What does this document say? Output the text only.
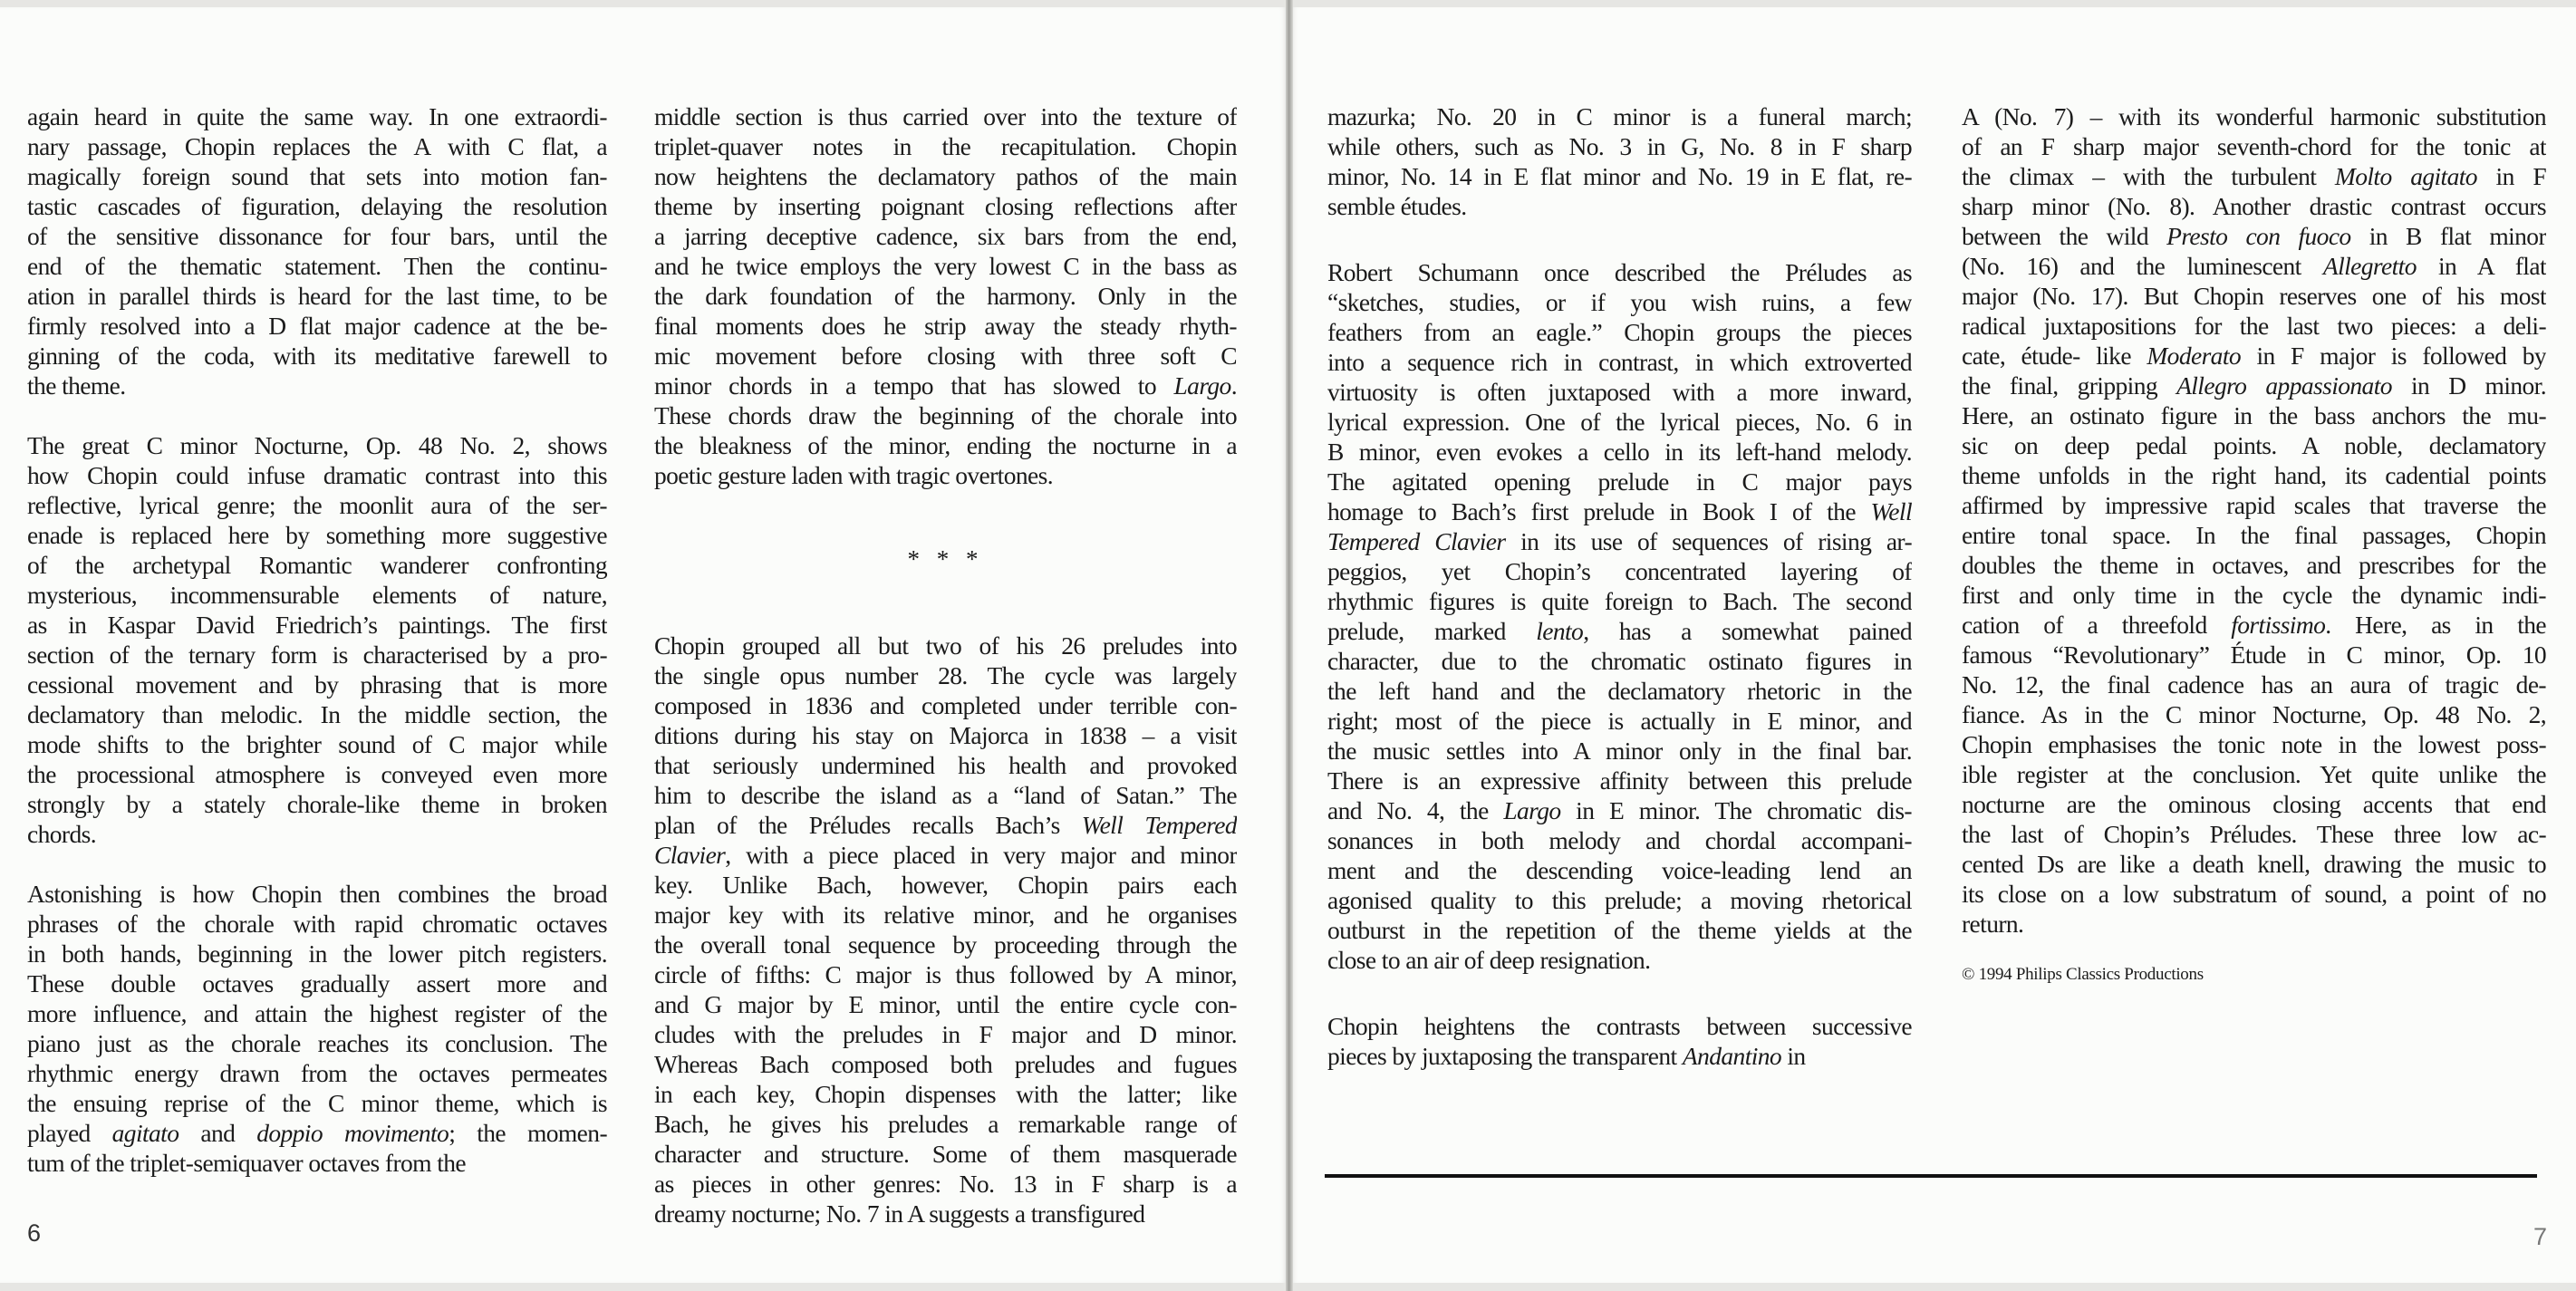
again heard in quite the same way. In one extraordi-
nary passage, Chopin replaces the A with C flat, a
magically foreign sound that sets into motion fan-
tastic cascades of figuration, delaying the resolution
of the sensitive dissonance for four bars, until the
end of the thematic statement. Then the continu-
ation in parallel thirds is heard for the last time, to be
firmly resolved into a D flat major cadence at the be-
ginning of the coda, with its meditative farewell to
the theme.
The great C minor Nocturne, Op. 48 No. 2, shows
how Chopin could infuse dramatic contrast into this
reflective, lyrical genre; the moonlit aura of the ser-
enade is replaced here by something more suggestive
of the archetypal Romantic wanderer confronting
mysterious, incommensurable elements of nature,
as in Kaspar David Friedrich’s paintings. The first
section of the ternary form is characterised by a pro-
cessional movement and by phrasing that is more
declamatory than melodic. In the middle section, the
mode shifts to the brighter sound of C major while
the processional atmosphere is conveyed even more
strongly by a stately chorale-like theme in broken
chords.
Astonishing is how Chopin then combines the broad
phrases of the chorale with rapid chromatic octaves
in both hands, beginning in the lower pitch registers.
These double octaves gradually assert more and
more influence, and attain the highest register of the
piano just as the chorale reaches its conclusion. The
rhythmic energy drawn from the octaves permeates
the ensuing reprise of the C minor theme, which is
played agitato and doppio movimento; the momen-
tum of the triplet-semiquaver octaves from the
middle section is thus carried over into the texture of
triplet-quaver notes in the recapitulation. Chopin
now heightens the declamatory pathos of the main
theme by inserting poignant closing reflections after
a jarring deceptive cadence, six bars from the end,
and he twice employs the very lowest C in the bass as
the dark foundation of the harmony. Only in the
final moments does he strip away the steady rhyth-
mic movement before closing with three soft C
minor chords in a tempo that has slowed to Largo.
These chords draw the beginning of the chorale into
the bleakness of the minor, ending the nocturne in a
poetic gesture laden with tragic overtones.
* * *
Chopin grouped all but two of his 26 preludes into
the single opus number 28. The cycle was largely
composed in 1836 and completed under terrible con-
ditions during his stay on Majorca in 1838 – a visit
that seriously undermined his health and provoked
him to describe the island as a “land of Satan.” The
plan of the Préludes recalls Bach’s Well Tempered
Clavier, with a piece placed in very major and minor
key. Unlike Bach, however, Chopin pairs each
major key with its relative minor, and he organises
the overall tonal sequence by proceeding through the
circle of fifths: C major is thus followed by A minor,
and G major by E minor, until the entire cycle con-
cludes with the preludes in F major and D minor.
Whereas Bach composed both preludes and fugues
in each key, Chopin dispenses with the latter; like
Bach, he gives his preludes a remarkable range of
character and structure. Some of them masquerade
as pieces in other genres: No. 13 in F sharp is a
dreamy nocturne; No. 7 in A suggests a transfigured
mazurka; No. 20 in C minor is a funeral march;
while others, such as No. 3 in G, No. 8 in F sharp
minor, No. 14 in E flat minor and No. 19 in E flat, re-
semble études.
Robert Schumann once described the Préludes as
“sketches, studies, or if you wish ruins, a few
feathers from an eagle.” Chopin groups the pieces
into a sequence rich in contrast, in which extroverted
virtuosity is often juxtaposed with a more inward,
lyrical expression. One of the lyrical pieces, No. 6 in
B minor, even evokes a cello in its left-hand melody.
The agitated opening prelude in C major pays
homage to Bach’s first prelude in Book I of the Well
Tempered Clavier in its use of sequences of rising ar-
peggios, yet Chopin’s concentrated layering of
rhythmic figures is quite foreign to Bach. The second
prelude, marked lento, has a somewhat pained
character, due to the chromatic ostinato figures in
the left hand and the declamatory rhetoric in the
right; most of the piece is actually in E minor, and
the music settles into A minor only in the final bar.
There is an expressive affinity between this prelude
and No. 4, the Largo in E minor. The chromatic dis-
sonances in both melody and chordal accompani-
ment and the descending voice-leading lend an
agonised quality to this prelude; a moving rhetorical
outburst in the repetition of the theme yields at the
close to an air of deep resignation.
Chopin heightens the contrasts between successive
pieces by juxtaposing the transparent Andantino in
A (No. 7) – with its wonderful harmonic substitution
of an F sharp major seventh-chord for the tonic at
the climax – with the turbulent Molto agitato in F
sharp minor (No. 8). Another drastic contrast occurs
between the wild Presto con fuoco in B flat minor
(No. 16) and the luminescent Allegretto in A flat
major (No. 17). But Chopin reserves one of his most
radical juxtapositions for the last two pieces: a deli-
cate, étude- like Moderato in F major is followed by
the final, gripping Allegro appassionato in D minor.
Here, an ostinato figure in the bass anchors the mu-
sic on deep pedal points. A noble, declamatory
theme unfolds in the right hand, its cadential points
affirmed by impressive rapid scales that traverse the
entire tonal space. In the final passages, Chopin
doubles the theme in octaves, and prescribes for the
first and only time in the cycle the dynamic indi-
cation of a threefold fortissimo. Here, as in the
famous “Revolutionary” Étude in C minor, Op. 10
No. 12, the final cadence has an aura of tragic de-
fiance. As in the C minor Nocturne, Op. 48 No. 2,
Chopin emphasises the tonic note in the lowest poss-
ible register at the conclusion. Yet quite unlike the
nocturne are the ominous closing accents that end
the last of Chopin’s Préludes. These three low ac-
cented Ds are like a death knell, drawing the music to
its close on a low substratum of sound, a point of no
return.
© 1994 Philips Classics Productions
6	7
